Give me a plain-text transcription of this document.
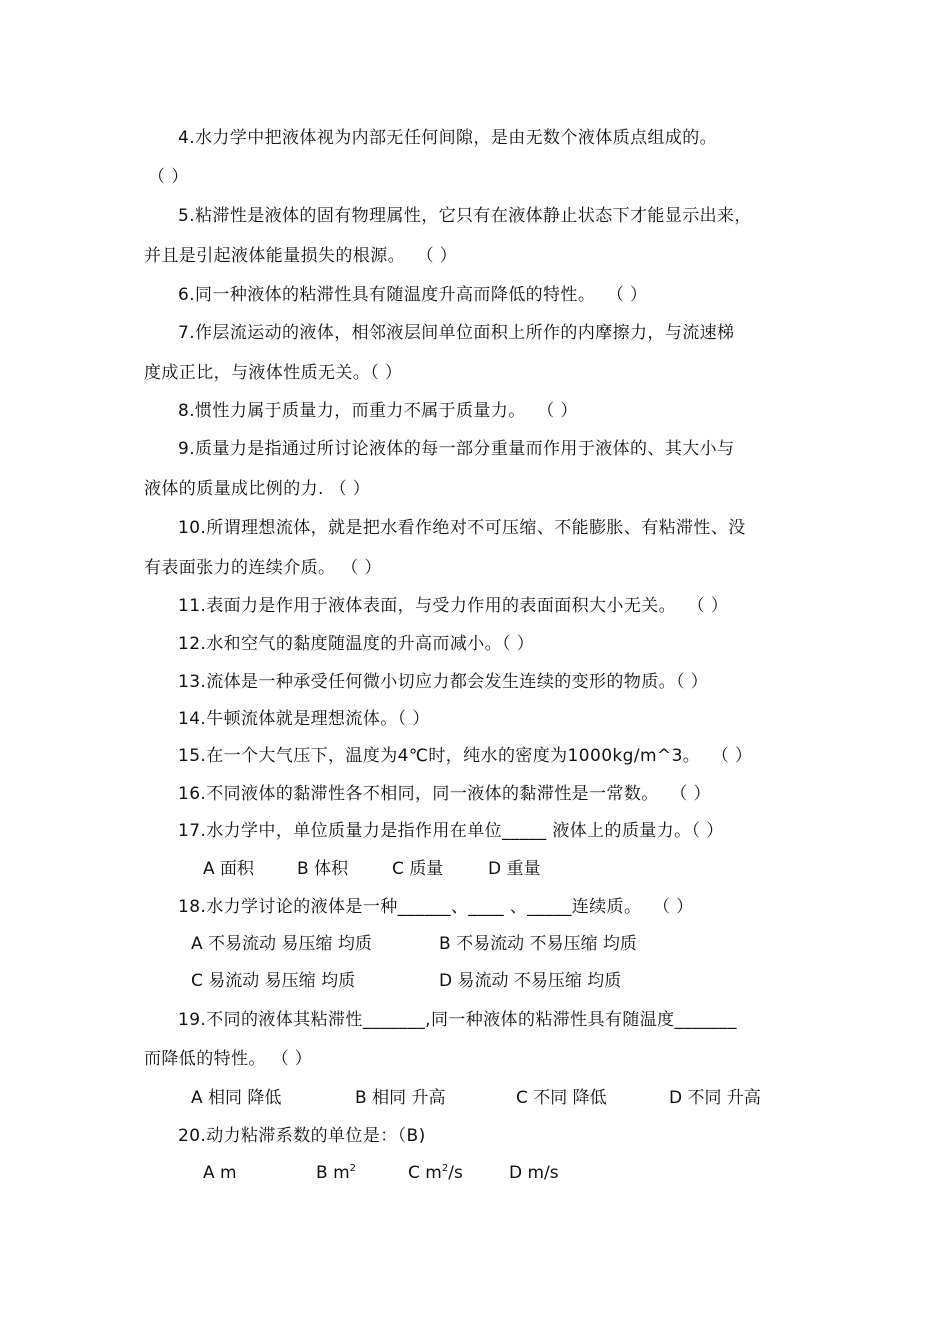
4.水力学中把液体视为内部无任何间隙，是由无数个液体质点组成的。
（ ）
5.粘滞性是液体的固有物理属性，它只有在液体静止状态下才能显示出来，
并且是引起液体能量损失的根源。  （ ）
6.同一种液体的粘滞性具有随温度升高而降低的特性。  （ ）
7.作层流运动的液体，相邻液层间单位面积上所作的内摩擦力，与流速梯
度成正比，与液体性质无关。（ ）
8.惯性力属于质量力，而重力不属于质量力。  （ ）
9.质量力是指通过所讨论液体的每一部分重量而作用于液体的、其大小与
液体的质量成比例的力. （ ）
10.所谓理想流体，就是把水看作绝对不可压缩、不能膨胀、有粘滞性、没
有表面张力的连续介质。 （ ）
11.表面力是作用于液体表面，与受力作用的表面面积大小无关。  （ ）
12.水和空气的黏度随温度的升高而减小。（ ）
13.流体是一种承受任何微小切应力都会发生连续的变形的物质。（ ）
14.牛顿流体就是理想流体。（ ）
15.在一个大气压下，温度为4℃时，纯水的密度为1000kg/m^3。  （ ）
16.不同液体的黏滞性各不相同，同一液体的黏滞性是一常数。  （ ）
17.水力学中，单位质量力是指作用在单位_____ 液体上的质量力。（ ）
A 面积	B 体积	C 质量	D 重量
18.水力学讨论的液体是一种______、____ 、_____连续质。  （ ）
A 不易流动 易压缩 均质	B 不易流动 不易压缩 均质
C 易流动 易压缩 均质	D 易流动 不易压缩 均质
19.不同的液体其粘滞性_______,同一种液体的粘滞性具有随温度_______
而降低的特性。 （ ）
A 相同 降低	B 相同 升高	C 不同 降低	D 不同 升高
20.动力粘滞系数的单位是：（B)
A m	B $m^2$	C $m^2/s$	D m/s
